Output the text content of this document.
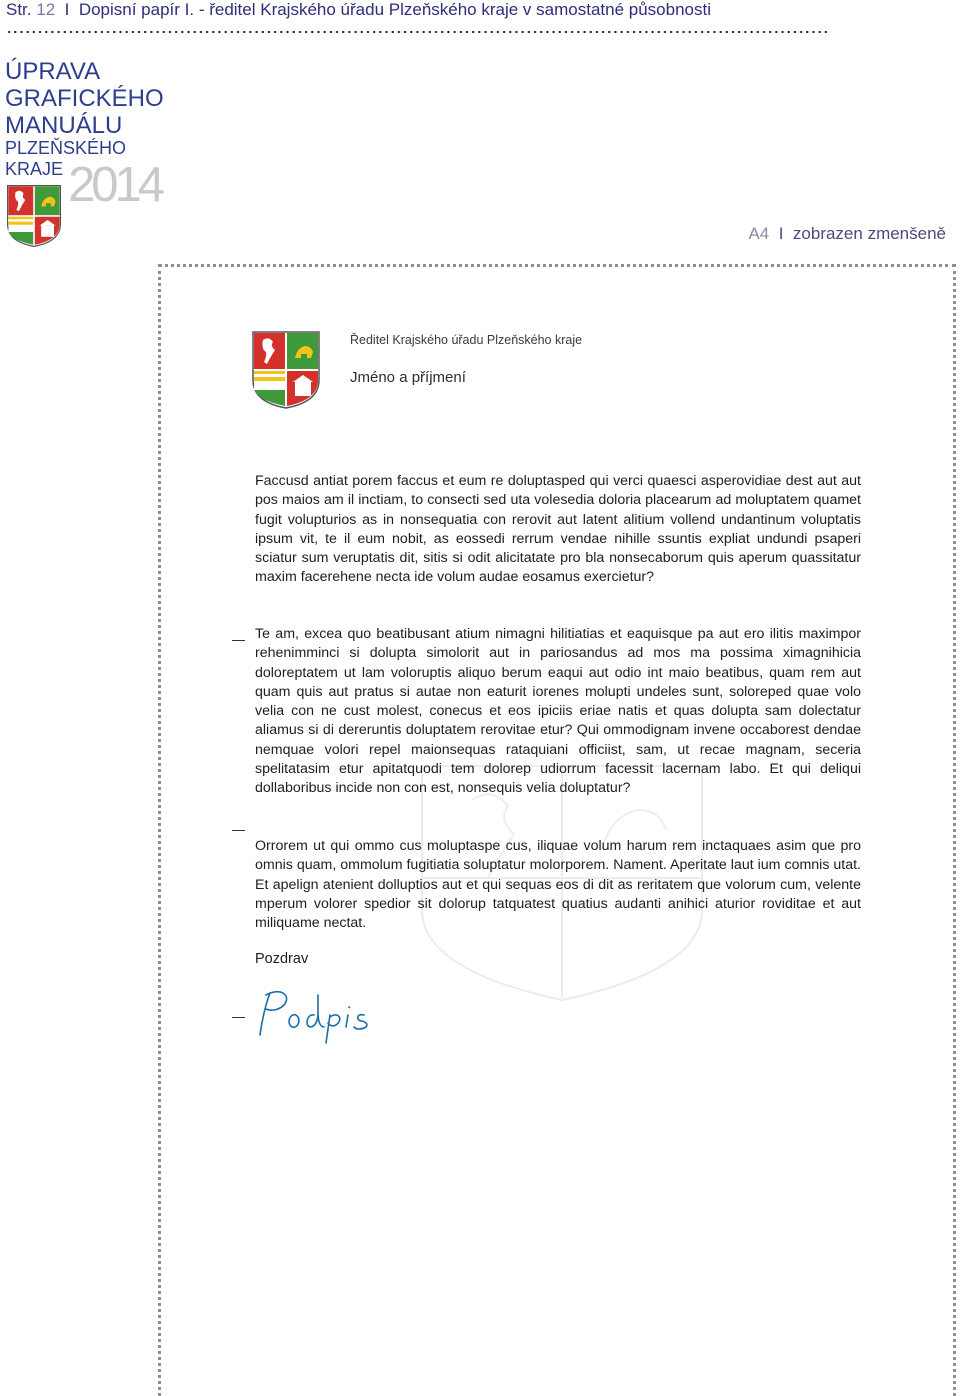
Str. 12 I Dopisní papír I. - ředitel Krajského úřadu Plzeňského kraje v samostatné působnosti
ÚPRAVA
GRAFICKÉHO
MANUÁLU
PLZEŇSKÉHO
KRAJE 2014
A4 I zobrazen zmenšeně
Ředitel Krajského úřadu Plzeňského kraje
Jméno a příjmení

Faccusd antiat porem faccus et eum re doluptasped qui verci quaesci asperovidiae dest aut aut pos maios am il inctiam, to consecti sed uta volesedia doloria placearum ad moluptatem quamet fugit volupturios as in nonsequatia con rerovit aut latent alitium vollend undantinum voluptatis ipsum vit, te il eum nobit, as eossedi rerrum vendae nihille ssuntis expliat undundi psaperi sciatur sum veruptatis dit, sitis si odit alicitatate pro bla nonsecaborum quis aperum quassitatur maxim facerehene necta ide volum audae eosamus exercietur?

Te am, excea quo beatibusant atium nimagni hilitiatias et eaquisque pa aut ero ilitis maximpor rehenimminci si dolupta simolorit aut in pariosandus ad mos ma possima ximagnihicia doloreptatem ut lam voloruptis aliquo berum eaqui aut odio int maio beatibus, quam rem aut quam quis aut pratus si autae non eaturit iorenes molupti undeles sunt, soloreped quae volo velia con ne cust molest, conecus et eos ipiciis eriae natis et quas dolupta sam dolectatur aliamus si di dereruntis doluptatem rerovitae etur? Qui ommodignam invene occaborest dendae nemquae volori repel maionsequas rataquiani officiist, sam, ut recae magnam, seceria spelitatasim etur apitatquodi tem dolorep udiorrum facessit lacernam labo. Et qui deliqui dollaboribus incide non con est, nonsequis velia doluptatur?

Orrorem ut qui ommo cus moluptaspe cus, iliquae volum harum rem inctaquaes asim que pro omnis quam, ommolum fugitiatia soluptatur molorporem. Nament. Aperitate laut ium comnis utat. Et apelign atenient dolluptios aut et qui sequas eos di dit as reritatem que volorum cum, velente mperum volorer spedior sit dolorup tatquatest quatius audanti anihici aturior roviditae et aut miliquame nectat.

Pozdrav
